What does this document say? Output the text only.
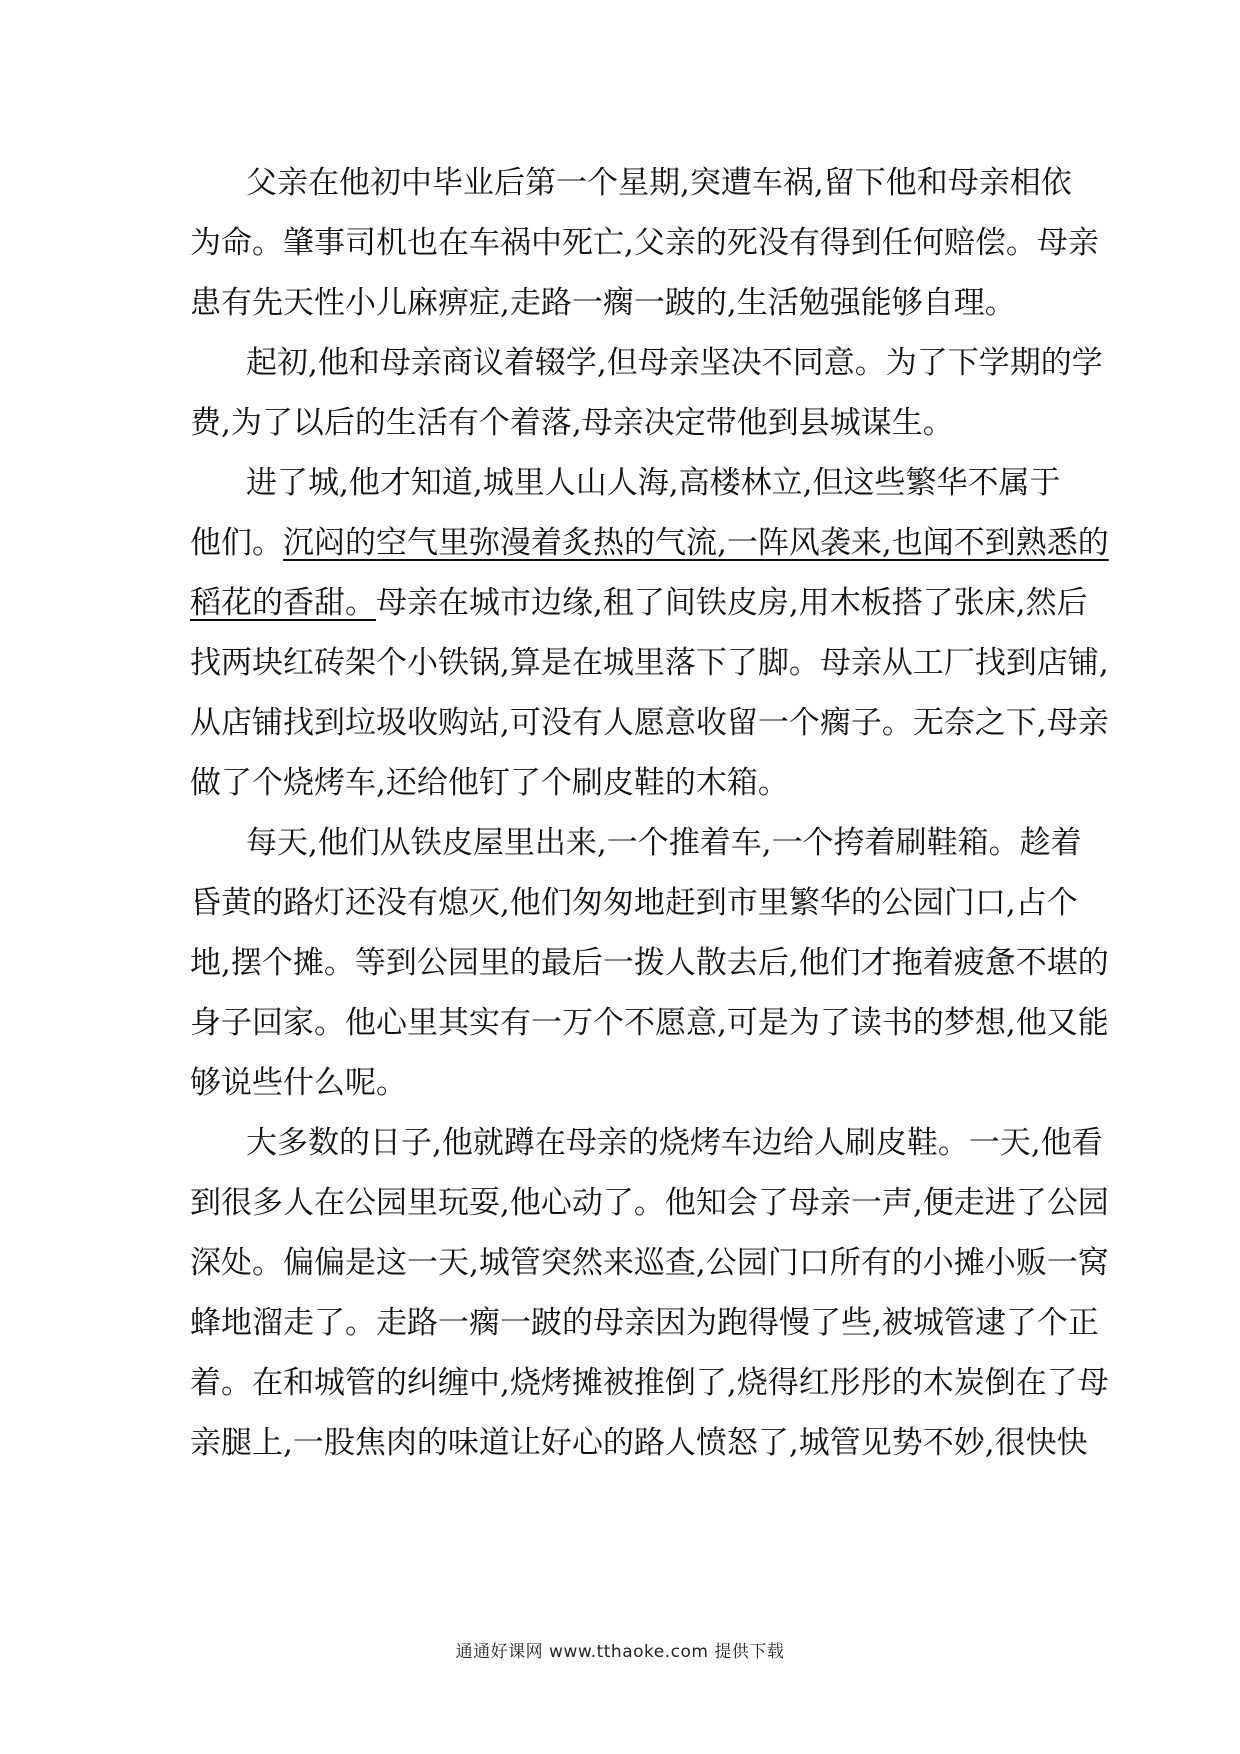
父 亲 在 他 初 中 毕 业 后 第 一 个 星 期 , 突 遭 车 祸 , 留 下 他 和 母 亲 相 依
为 命 。 肇 事 司 机 也 在 车 祸 中 死 亡 , 父 亲 的 死 没 有 得 到 任 何 赔 偿 。 母 亲
患有先天性小儿麻痹症,走路一瘸一跛的,生活勉强能够自理。
起 初 , 他 和 母 亲 商 议 着 辍 学 , 但 母 亲 坚 决 不 同 意 。 为 了 下 学 期 的 学
费,为了以后的生活有个着落,母亲决定带他到县城谋生。
进 了 城 , 他 才 知 道 , 城 里 人 山 人 海 , 高 楼 林 立 , 但 这 些 繁 华 不 属 于
他们。 沉闷的空气里弥漫着炙热的气流,一阵风袭来,也闻不到熟悉的
稻花的香甜。 母亲在城市边缘,租了间铁皮房,用木板搭了张床,然后
找 两 块 红 砖 架 个 小 铁 锅 , 算 是 在 城 里 落 下 了 脚 。 母 亲 从 工 厂 找 到 店 铺 ,
从 店 铺 找 到 垃 圾 收 购 站 , 可 没 有 人 愿 意 收 留 一 个 瘸 子 。 无 奈 之 下 , 母 亲
做了个烧烤车,还给他钉了个刷皮鞋的木箱。
每 天 , 他 们 从 铁 皮 屋 里 出 来 , 一 个 推 着 车 , 一 个 挎 着 刷 鞋 箱 。 趁 着
昏 黄 的 路 灯 还 没 有 熄 灭 , 他 们 匆 匆 地 赶 到 市 里 繁 华 的 公 园 门 口 , 占 个
地 , 摆 个 摊 。 等 到 公 园 里 的 最 后 一 拨 人 散 去 后 , 他 们 才 拖 着 疲 惫 不 堪 的
身 子 回 家 。 他 心 里 其 实 有 一 万 个 不 愿 意 , 可 是 为 了 读 书 的 梦 想 , 他 又 能
够说些什么呢。
大 多 数 的 日 子 , 他 就 蹲 在 母 亲 的 烧 烤 车 边 给 人 刷 皮 鞋 。 一 天 , 他 看
到 很 多 人 在 公 园 里 玩 耍 , 他 心 动 了 。 他 知 会 了 母 亲 一 声 , 便 走 进 了 公 园
深 处 。 偏 偏 是 这 一 天 , 城 管 突 然 来 巡 查 , 公 园 门 口 所 有 的 小 摊 小 贩 一 窝
蜂 地 溜 走 了 。 走 路 一 瘸 一 跛 的 母 亲 因 为 跑 得 慢 了 些 , 被 城 管 逮 了 个 正
着 。 在 和 城 管 的 纠 缠 中 , 烧 烤 摊 被 推 倒 了 , 烧 得 红 彤 彤 的 木 炭 倒 在 了 母
亲 腿 上 , 一 股 焦 肉 的 味 道 让 好 心 的 路 人 愤 怒 了 , 城 管 见 势 不 妙 , 很 快 快
通通好课网 www.tthaoke.com 提供下载
